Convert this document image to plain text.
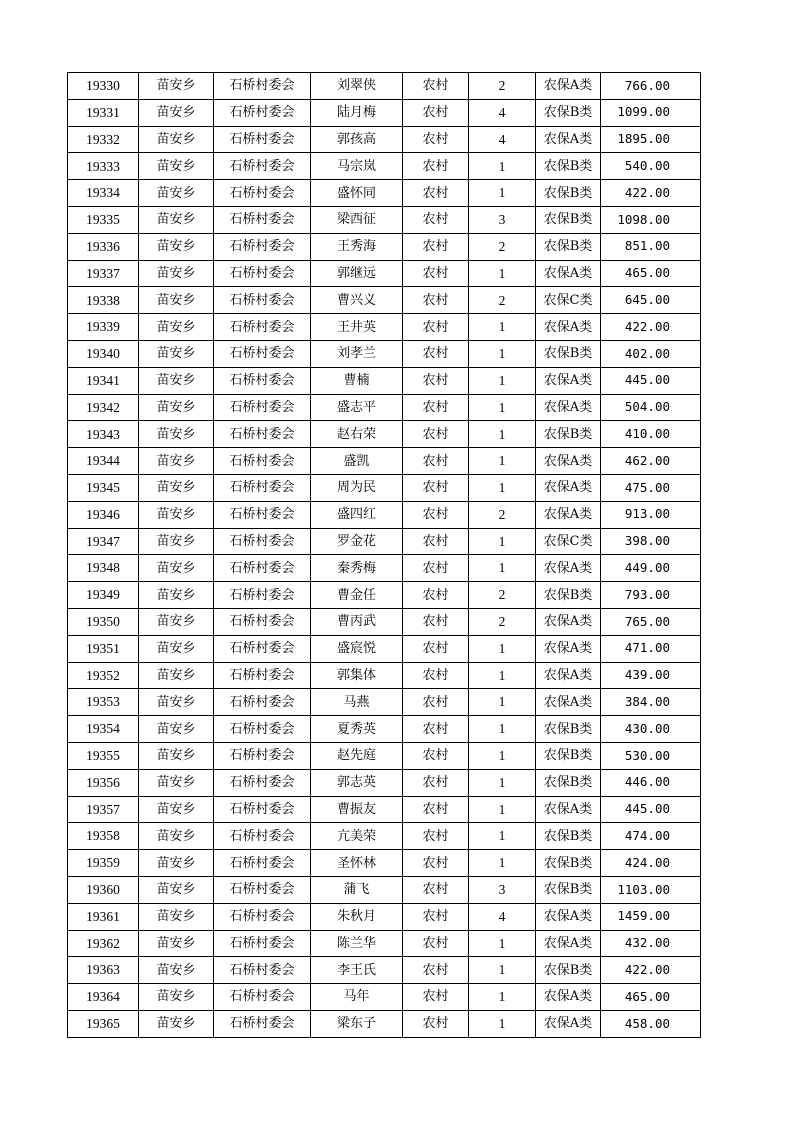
19330	苗安乡	石桥村委会	刘翠侠	农村	2	农保A类	766.00
19331	苗安乡	石桥村委会	陆月梅	农村	4	农保B类	1099.00
19332	苗安乡	石桥村委会	郭孩高	农村	4	农保A类	1895.00
19333	苗安乡	石桥村委会	马宗岚	农村	1	农保B类	540.00
19334	苗安乡	石桥村委会	盛怀同	农村	1	农保B类	422.00
19335	苗安乡	石桥村委会	梁西征	农村	3	农保B类	1098.00
19336	苗安乡	石桥村委会	王秀海	农村	2	农保B类	851.00
19337	苗安乡	石桥村委会	郭继远	农村	1	农保A类	465.00
19338	苗安乡	石桥村委会	曹兴义	农村	2	农保C类	645.00
19339	苗安乡	石桥村委会	王井英	农村	1	农保A类	422.00
19340	苗安乡	石桥村委会	刘孝兰	农村	1	农保B类	402.00
19341	苗安乡	石桥村委会	曹楠	农村	1	农保A类	445.00
19342	苗安乡	石桥村委会	盛志平	农村	1	农保A类	504.00
19343	苗安乡	石桥村委会	赵右荣	农村	1	农保B类	410.00
19344	苗安乡	石桥村委会	盛凯	农村	1	农保A类	462.00
19345	苗安乡	石桥村委会	周为民	农村	1	农保A类	475.00
19346	苗安乡	石桥村委会	盛四红	农村	2	农保A类	913.00
19347	苗安乡	石桥村委会	罗金花	农村	1	农保C类	398.00
19348	苗安乡	石桥村委会	秦秀梅	农村	1	农保A类	449.00
19349	苗安乡	石桥村委会	曹金任	农村	2	农保B类	793.00
19350	苗安乡	石桥村委会	曹丙武	农村	2	农保A类	765.00
19351	苗安乡	石桥村委会	盛宸悦	农村	1	农保A类	471.00
19352	苗安乡	石桥村委会	郭集体	农村	1	农保A类	439.00
19353	苗安乡	石桥村委会	马燕	农村	1	农保A类	384.00
19354	苗安乡	石桥村委会	夏秀英	农村	1	农保B类	430.00
19355	苗安乡	石桥村委会	赵先庭	农村	1	农保B类	530.00
19356	苗安乡	石桥村委会	郭志英	农村	1	农保B类	446.00
19357	苗安乡	石桥村委会	曹振友	农村	1	农保A类	445.00
19358	苗安乡	石桥村委会	亢美荣	农村	1	农保B类	474.00
19359	苗安乡	石桥村委会	圣怀林	农村	1	农保B类	424.00
19360	苗安乡	石桥村委会	蒲飞	农村	3	农保B类	1103.00
19361	苗安乡	石桥村委会	朱秋月	农村	4	农保A类	1459.00
19362	苗安乡	石桥村委会	陈兰华	农村	1	农保A类	432.00
19363	苗安乡	石桥村委会	李王氏	农村	1	农保B类	422.00
19364	苗安乡	石桥村委会	马年	农村	1	农保A类	465.00
19365	苗安乡	石桥村委会	梁东子	农村	1	农保A类	458.00
